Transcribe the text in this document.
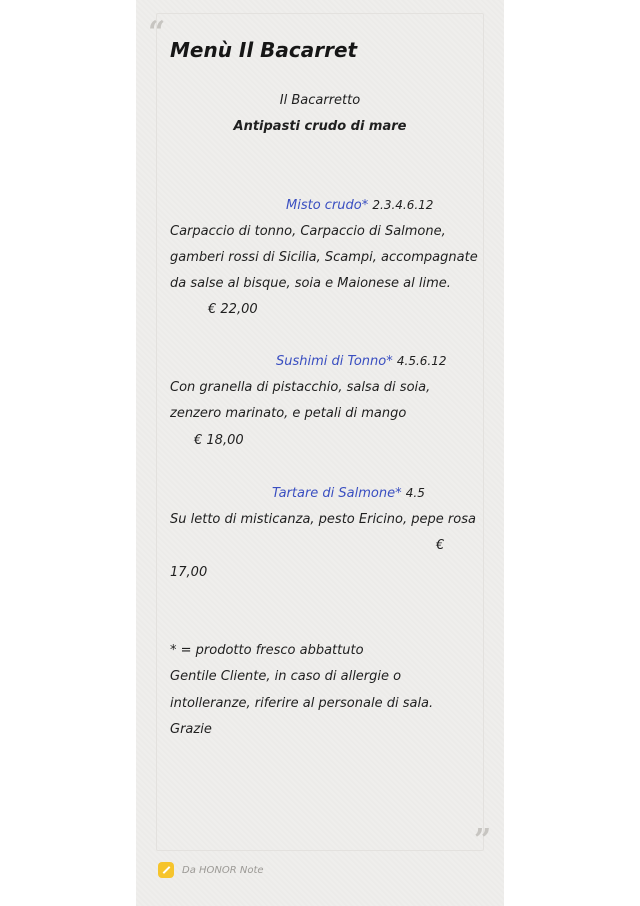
“
”
Menù Il Bacarret
Il Bacarretto
Antipasti crudo di mare
Misto crudo* 2.3.4.6.12
Carpaccio di tonno, Carpaccio di Salmone,
gamberi rossi di Sicilia, Scampi, accompagnate
da salse al bisque, soia e Maionese al lime.
€ 22,00
Sushimi di Tonno* 4.5.6.12
Con granella di pistacchio, salsa di soia,
zenzero marinato, e petali di mango
€ 18,00
Tartare di Salmone* 4.5
Su letto di misticanza, pesto Ericino, pepe rosa
€
17,00
* = prodotto fresco abbattuto
Gentile Cliente, in caso di allergie o
intolleranze, riferire al personale di sala.
Grazie
Da HONOR Note
